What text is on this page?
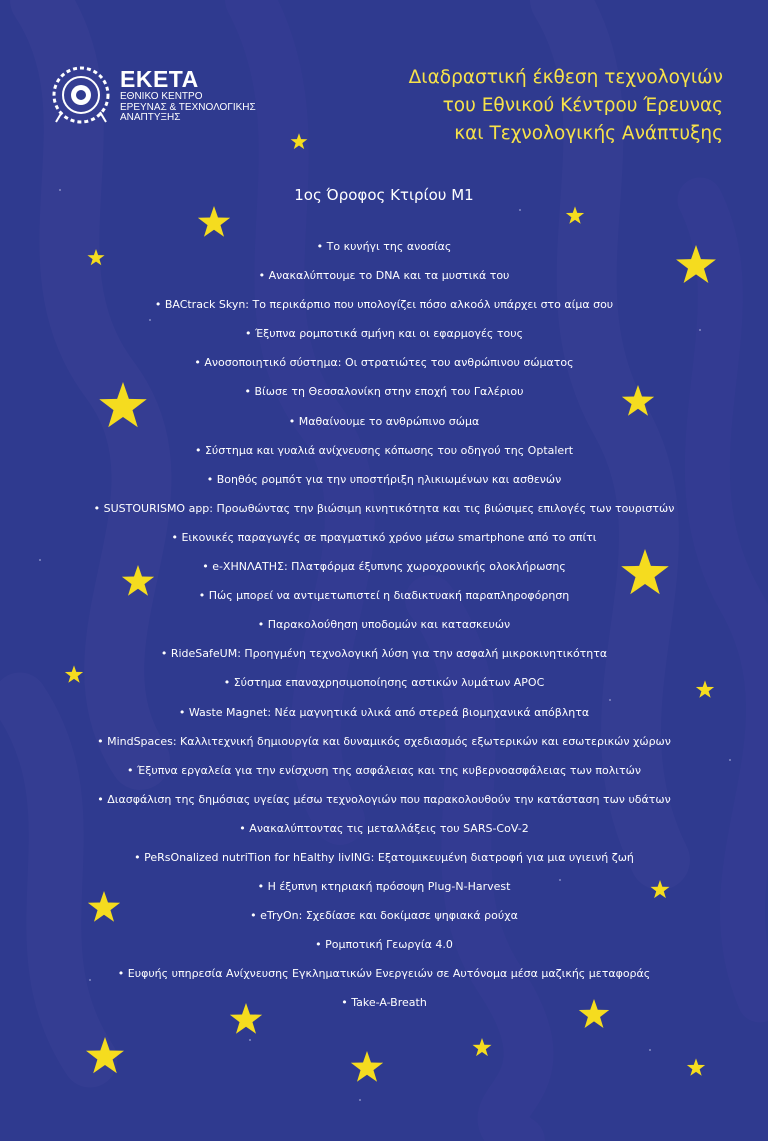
ΕΚΕΤΑ
ΕΘΝΙΚΟ ΚΕΝΤΡΟ
ΕΡΕΥΝΑΣ & ΤΕΧΝΟΛΟΓΙΚΗΣ
ΑΝΑΠΤΥΞΗΣ
Διαδραστική έκθεση τεχνολογιών
του Εθνικού Κέντρου Έρευνας
και Τεχνολογικής Ανάπτυξης
1ος Όροφος Κτιρίου Μ1
• Το κυνήγι της ανοσίας
• Ανακαλύπτουμε το DNA και τα μυστικά του
• BACtrack Skyn: Το περικάρπιο που υπολογίζει πόσο αλκοόλ υπάρχει στο αίμα σου
• Έξυπνα ρομποτικά σμήνη και οι εφαρμογές τους
• Ανοσοποιητικό σύστημα: Οι στρατιώτες του ανθρώπινου σώματος
• Βίωσε τη Θεσσαλονίκη στην εποχή του Γαλέριου
• Μαθαίνουμε το ανθρώπινο σώμα
• Σύστημα και γυαλιά ανίχνευσης κόπωσης του οδηγού της Optalert
• Βοηθός ρομπότ για την υποστήριξη ηλικιωμένων και ασθενών
• SUSTOURISMO app: Προωθώντας την βιώσιμη κινητικότητα και τις βιώσιμες επιλογές των τουριστών
• Εικονικές παραγωγές σε πραγματικό χρόνο μέσω smartphone από το σπίτι
• e-ΧΗΝΛΑΤΗΣ: Πλατφόρμα έξυπνης χωροχρονικής ολοκλήρωσης
• Πώς μπορεί να αντιμετωπιστεί η διαδικτυακή παραπληροφόρηση
• Παρακολούθηση υποδομών και κατασκευών
• RideSafeUM: Προηγμένη τεχνολογική λύση για την ασφαλή μικροκινητικότητα
• Σύστημα επαναχρησιμοποίησης αστικών λυμάτων APOC
• Waste Magnet: Νέα μαγνητικά υλικά από στερεά βιομηχανικά απόβλητα
• MindSpaces: Καλλιτεχνική δημιουργία και δυναμικός σχεδιασμός εξωτερικών και εσωτερικών χώρων
• Έξυπνα εργαλεία για την ενίσχυση της ασφάλειας και της κυβερνοασφάλειας των πολιτών
• Διασφάλιση της δημόσιας υγείας μέσω τεχνολογιών που παρακολουθούν την κατάσταση των υδάτων
• Ανακαλύπτοντας τις μεταλλάξεις του SARS-CoV-2
• PeRsOnalized nutriTion for hEalthy livING: Εξατομικευμένη διατροφή για μια υγιεινή ζωή
• Η έξυπνη κτηριακή πρόσοψη Plug-N-Harvest
• eTryOn: Σχεδίασε και δοκίμασε ψηφιακά ρούχα
• Ρομποτική Γεωργία 4.0
• Ευφυής υπηρεσία Ανίχνευσης Εγκληματικών Ενεργειών σε Αυτόνομα μέσα μαζικής μεταφοράς
• Take-A-Breath
